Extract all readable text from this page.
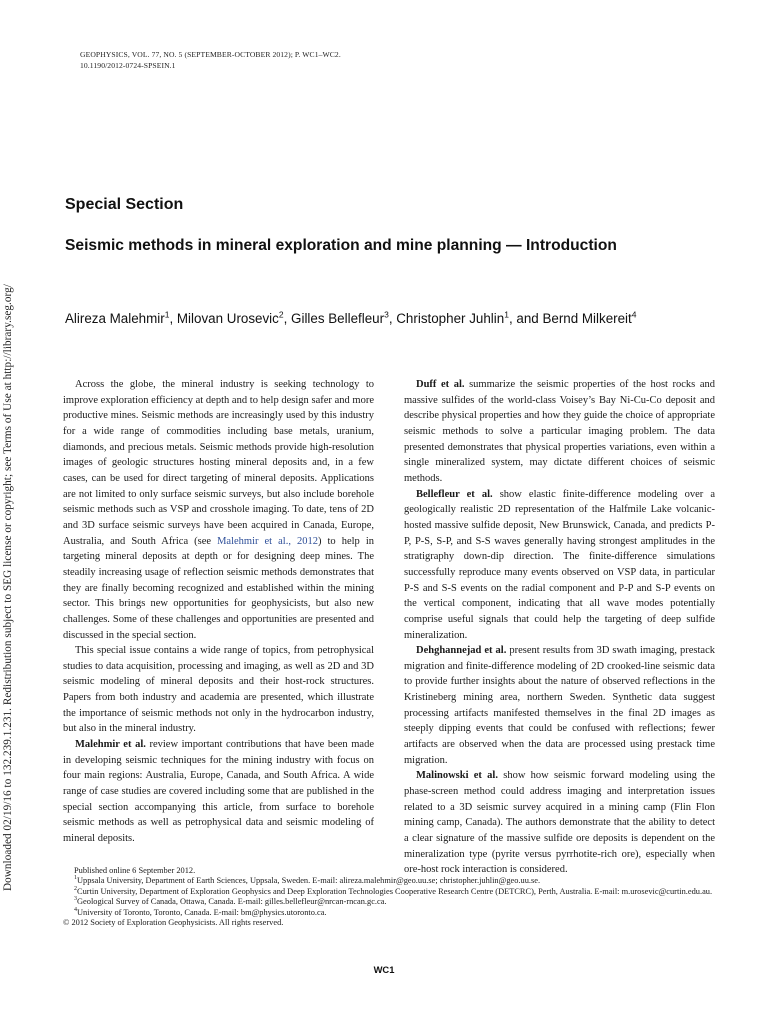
GEOPHYSICS, VOL. 77, NO. 5 (SEPTEMBER-OCTOBER 2012); P. WC1–WC2.
10.1190/2012-0724-SPSEIN.1
Downloaded 02/19/16 to 132.239.1.231. Redistribution subject to SEG license or copyright; see Terms of Use at http://library.seg.org/
Special Section
Seismic methods in mineral exploration and mine planning — Introduction
Alireza Malehmir$^1$, Milovan Urosevic$^2$, Gilles Bellefleur$^3$, Christopher Juhlin$^1$, and Bernd Milkereit$^4$

Across the globe, the mineral industry is seeking technology to improve exploration efficiency at depth and to help design safer and more productive mines. Seismic methods are increasingly used by this industry for a wide range of commodities including base metals, uranium, diamonds, and precious metals. Seismic methods provide high-resolution images of geologic structures hosting mineral deposits and, in a few cases, can be used for direct targeting of mineral deposits. Applications are not limited to only surface seismic surveys, but also include borehole seismic methods such as VSP and crosshole imaging. To date, tens of 2D and 3D surface seismic surveys have been acquired in Canada, Europe, Australia, and South Africa (see Malehmir et al., 2012) to help in targeting mineral deposits at depth or for designing deep mines. The steadily increasing usage of reflection seismic methods demonstrates that they are finally becoming recognized and established within the mining sector. This brings new opportunities for geophysicists, but also new challenges. Some of these challenges and opportunities are presented and discussed in the special section.

This special issue contains a wide range of topics, from petrophysical studies to data acquisition, processing and imaging, as well as 2D and 3D seismic modeling of mineral deposits and their host-rock structures. Papers from both industry and academia are presented, which illustrate the importance of seismic methods not only in the hydrocarbon industry, but also in the mineral industry.

Malehmir et al. review important contributions that have been made in developing seismic techniques for the mining industry with focus on four main regions: Australia, Europe, Canada, and South Africa. A wide range of case studies are covered including some that are published in the special section accompanying this article, from surface to borehole seismic methods as well as petrophysical data and seismic modeling of mineral deposits.

Duff et al. summarize the seismic properties of the host rocks and massive sulfides of the world-class Voisey’s Bay Ni-Cu-Co deposit and describe physical properties and how they guide the choice of appropriate seismic methods to solve a particular imaging problem. The data presented demonstrates that physical properties variations, even within a single mineralized system, may dictate different choices of seismic methods.

Bellefleur et al. show elastic finite-difference modeling over a geologically realistic 2D representation of the Halfmile Lake volcanic-hosted massive sulfide deposit, New Brunswick, Canada, and predicts P-P, P-S, S-P, and S-S waves generally having strongest amplitudes in the stratigraphy down-dip direction. The finite-difference simulations successfully reproduce many events observed on VSP data, in particular P-S and S-S events on the radial component and P-P and S-P events on the vertical component, indicating that all wave modes potentially comprise useful signals that could help the targeting of deep sulfide mineralization.

Dehghannejad et al. present results from 3D swath imaging, prestack migration and finite-difference modeling of 2D crooked-line seismic data to provide further insights about the nature of observed reflections in the Kristineberg mining area, northern Sweden. Synthetic data suggest processing artifacts manifested themselves in the final 2D images as steeply dipping events that could be confused with reflections; fewer artifacts are observed when the data are processed using prestack time migration.

Malinowski et al. show how seismic forward modeling using the phase-screen method could address imaging and interpretation issues related to a 3D seismic survey acquired in a mining camp (Flin Flon mining camp, Canada). The authors demonstrate that the ability to detect a clear signature of the massive sulfide ore deposits is dependent on the mineralization type (pyrite versus pyrrhotite-rich ore), especially when ore-host rock interaction is considered.

Published online 6 September 2012.
$^1$Uppsala University, Department of Earth Sciences, Uppsala, Sweden. E-mail: alireza.malehmir@geo.uu.se; christopher.juhlin@geo.uu.se.
$^2$Curtin University, Department of Exploration Geophysics and Deep Exploration Technologies Cooperative Research Centre (DETCRC), Perth, Australia. E-mail: m.urosevic@curtin.edu.au.
$^3$Geological Survey of Canada, Ottawa, Canada. E-mail: gilles.bellefleur@nrcan-rncan.gc.ca.
$^4$University of Toronto, Toronto, Canada. E-mail: bm@physics.utoronto.ca.
© 2012 Society of Exploration Geophysicists. All rights reserved.
WC1
